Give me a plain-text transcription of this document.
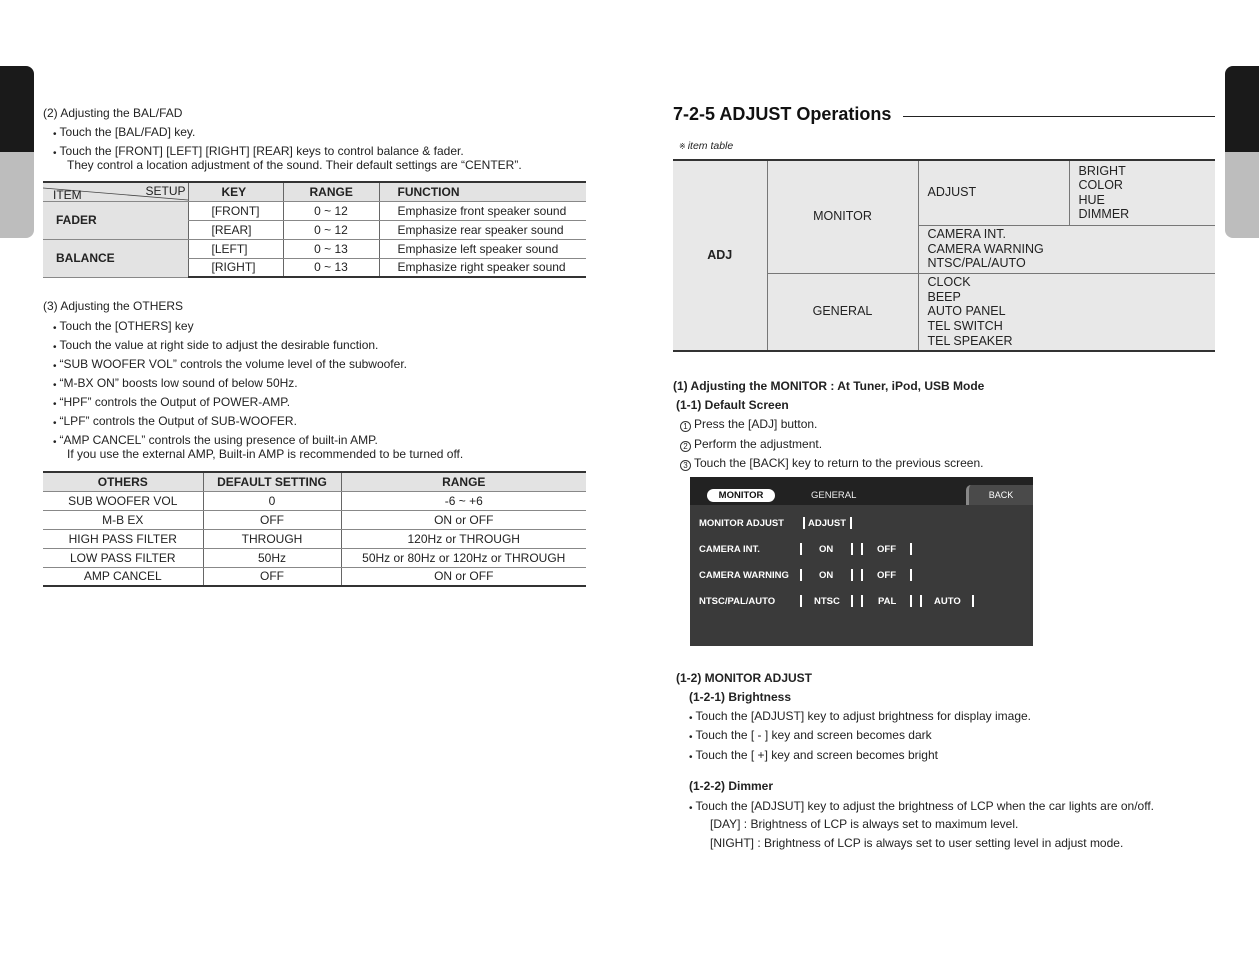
(2) Adjusting the BAL/FAD
• Touch the [BAL/FAD] key.
• Touch the [FRONT] [LEFT] [RIGHT] [REAR] keys to control balance & fader.
They control a location adjustment of the sound. Their default settings are “CENTER”.
ITEM SETUP	KEY	RANGE	FUNCTION
FADER	[FRONT]	0 ~ 12	Emphasize front speaker sound
	[REAR]	0 ~ 12	Emphasize rear speaker sound
BALANCE	[LEFT]	0 ~ 13	Emphasize left speaker sound
	[RIGHT]	0 ~ 13	Emphasize right speaker sound
(3) Adjusting the OTHERS
• Touch the [OTHERS] key
• Touch the value at right side to adjust the desirable function.
• “SUB WOOFER VOL” controls the volume level of the subwoofer.
• “M-BX ON” boosts low sound of below 50Hz.
• “HPF” controls the Output of POWER-AMP.
• “LPF” controls the Output of SUB-WOOFER.
• “AMP CANCEL” controls the using presence of built-in AMP.
If you use the external AMP, Built-in AMP is recommended to be turned off.
OTHERS	DEFAULT SETTING	RANGE
SUB WOOFER VOL	0	-6 ~ +6
M-B EX	OFF	ON or OFF
HIGH PASS FILTER	THROUGH	120Hz or THROUGH
LOW PASS FILTER	50Hz	50Hz or 80Hz or 120Hz or THROUGH
AMP CANCEL	OFF	ON or OFF
7-2-5 ADJUST Operations
※ item table
ADJ	MONITOR	ADJUST	BRIGHT
COLOR
HUE
DIMMER

		CAMERA INT.
CAMERA WARNING
NTSC/PAL/AUTO	

	GENERAL	CLOCK
BEEP
AUTO PANEL
TEL SWITCH
TEL SPEAKER	
(1) Adjusting the MONITOR : At Tuner, iPod, USB Mode
(1-1) Default Screen
1 Press the [ADJ] button.
2 Perform the adjustment.
3 Touch the [BACK] key to return to the previous screen.
MONITOR	GENERAL	BACK
MONITOR ADJUST	ADJUST
CAMERA INT.	ON	OFF
CAMERA WARNING	ON	OFF
NTSC/PAL/AUTO	NTSC	PAL	AUTO
(1-2) MONITOR ADJUST
(1-2-1) Brightness
• Touch the [ADJUST] key to adjust brightness for display image.
• Touch the [ - ] key and screen becomes dark
• Touch the [ +] key and screen becomes bright
(1-2-2) Dimmer
• Touch the [ADJSUT] key to adjust the brightness of LCP when the car lights are on/off.
[DAY] : Brightness of LCP is always set to maximum level.
[NIGHT] : Brightness of LCP is always set to user setting level in adjust mode.
